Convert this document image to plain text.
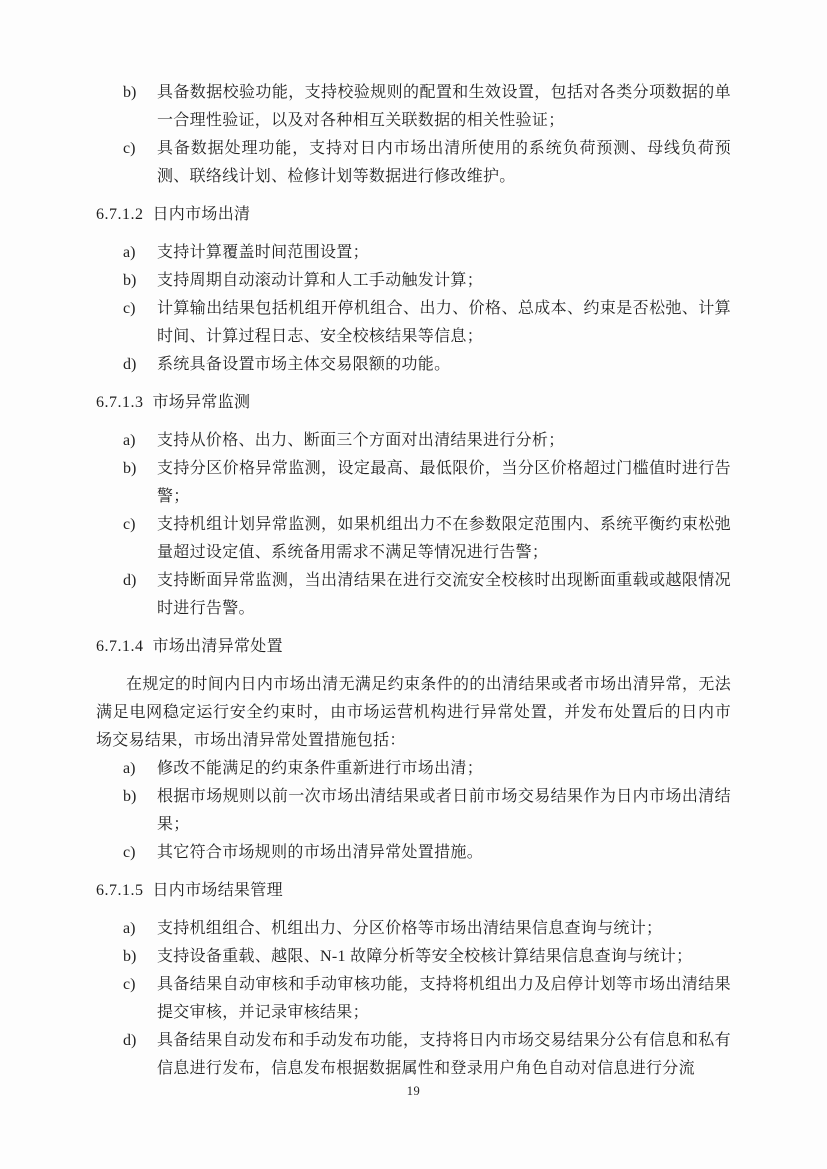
b) 具备数据校验功能，支持校验规则的配置和生效设置，包括对各类分项数据的单一合理性验证，以及对各种相互关联数据的相关性验证；
c) 具备数据处理功能，支持对日内市场出清所使用的系统负荷预测、母线负荷预测、联络线计划、检修计划等数据进行修改维护。
6.7.1.2 日内市场出清
a) 支持计算覆盖时间范围设置；
b) 支持周期自动滚动计算和人工手动触发计算；
c) 计算输出结果包括机组开停机组合、出力、价格、总成本、约束是否松弛、计算时间、计算过程日志、安全校核结果等信息；
d) 系统具备设置市场主体交易限额的功能。
6.7.1.3 市场异常监测
a) 支持从价格、出力、断面三个方面对出清结果进行分析；
b) 支持分区价格异常监测，设定最高、最低限价，当分区价格超过门槛值时进行告警；
c) 支持机组计划异常监测，如果机组出力不在参数限定范围内、系统平衡约束松弛量超过设定值、系统备用需求不满足等情况进行告警；
d) 支持断面异常监测，当出清结果在进行交流安全校核时出现断面重载或越限情况时进行告警。
6.7.1.4 市场出清异常处置

在规定的时间内日内市场出清无满足约束条件的的出清结果或者市场出清异常，无法满足电网稳定运行安全约束时，由市场运营机构进行异常处置，并发布处置后的日内市场交易结果，市场出清异常处置措施包括：

a) 修改不能满足的约束条件重新进行市场出清；
b) 根据市场规则以前一次市场出清结果或者日前市场交易结果作为日内市场出清结果；
c) 其它符合市场规则的市场出清异常处置措施。
6.7.1.5 日内市场结果管理
a) 支持机组组合、机组出力、分区价格等市场出清结果信息查询与统计；
b) 支持设备重载、越限、N-1 故障分析等安全校核计算结果信息查询与统计；
c) 具备结果自动审核和手动审核功能，支持将机组出力及启停计划等市场出清结果提交审核，并记录审核结果；
d) 具备结果自动发布和手动发布功能，支持将日内市场交易结果分公有信息和私有信息进行发布，信息发布根据数据属性和登录用户角色自动对信息进行分流
19
